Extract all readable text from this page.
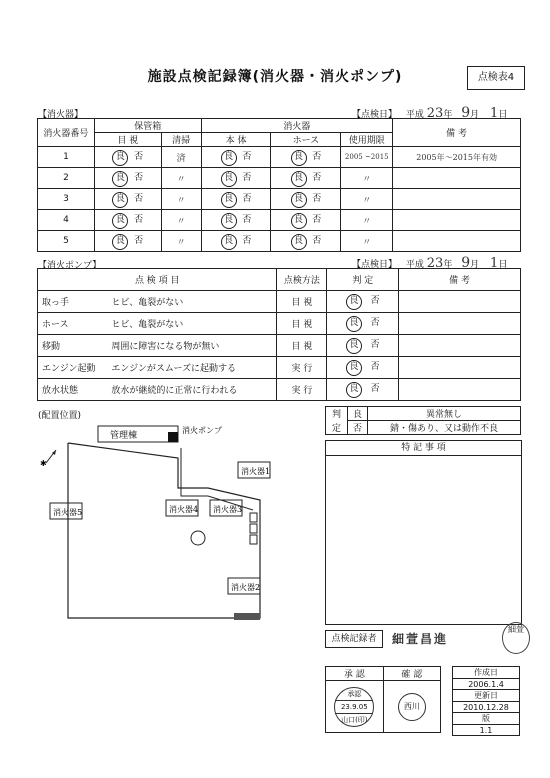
施設点検記録簿(消火器・消火ポンプ)	点検表4
【消火器】	【点検日】 平成 23年 9月 1日
消火器番号	保管箱		消火器			備 考
	目 視	清掃	本 体	ホース	使用期限	
1	良 否	済	良 否	良 否	2005 ~2015	2005年～2015年有効
2	良 否	〃	良 否	良 否	〃	
3	良 否	〃	良 否	良 否	〃	
4	良 否	〃	良 否	良 否	〃	
5	良 否	〃	良 否	良 否	〃	
【消火ポンプ】	【点検日】 平成 23年 9月 1日
点 検 項 目		点検方法	判 定	備 考
取っ手	ヒビ、亀裂がない	目 視	良 否	
ホース	ヒビ、亀裂がない	目 視	良 否	
移動	周囲に障害になる物が無い	目 視	良 否	
エンジン起動	エンジンがスムーズに起動する	実 行	良 否	
放水状態	放水が継続的に正常に行われる	実 行	良 否	
(配置位置)
✱
管理棟
消火ポンプ
消火器1
消火器4 消火器3
消火器5
消火器2
判	良	異常無し
定	否	錆・傷あり、又は動作不良
特 記 事 項
点検記録者	細萱昌進
細萱
承 認	確 認

承認
23.9.05
山口(印)	西川
作成日
2006.1.4
更新日
2010.12.28
版
1.1
